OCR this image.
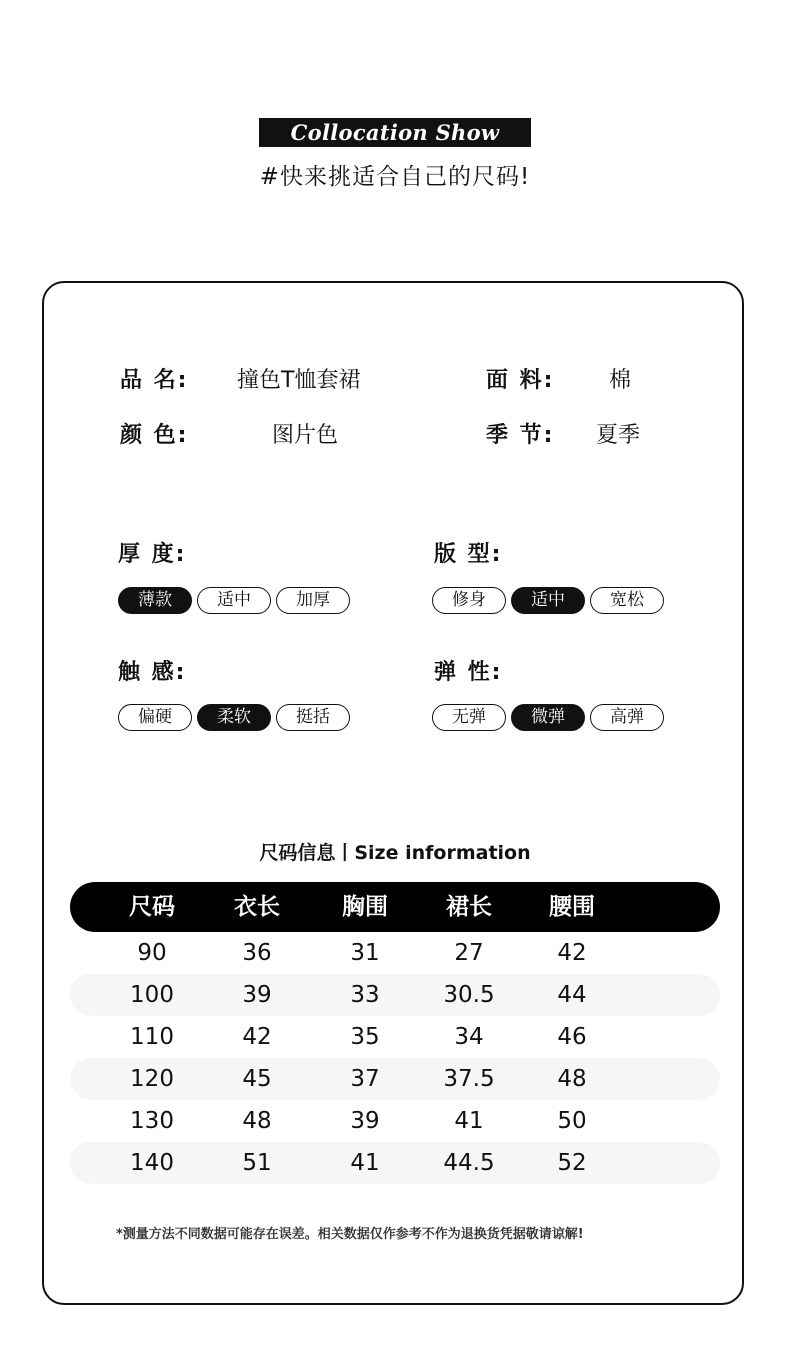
Collocation Show
#快来挑适合自己的尺码!
品 名: 撞色T恤套裙	面 料: 棉
颜 色:	图片色	季 节: 夏季
厚 度:
薄款	适中	加厚
版 型:
修身	适中	宽松
触 感:
偏硬	柔软	挺括
弹 性:
无弹	微弹	高弹
尺码信息丨Size information
尺码	衣长	胸围	裙长	腰围
90	36	31	27	42
100	39	33	30.5	44
110	42	35	34	46
120	45	37	37.5	48
130	48	39	41	50
140	51	41	44.5	52
*测量方法不同数据可能存在误差。相关数据仅作参考不作为退换货凭据敬请谅解!
